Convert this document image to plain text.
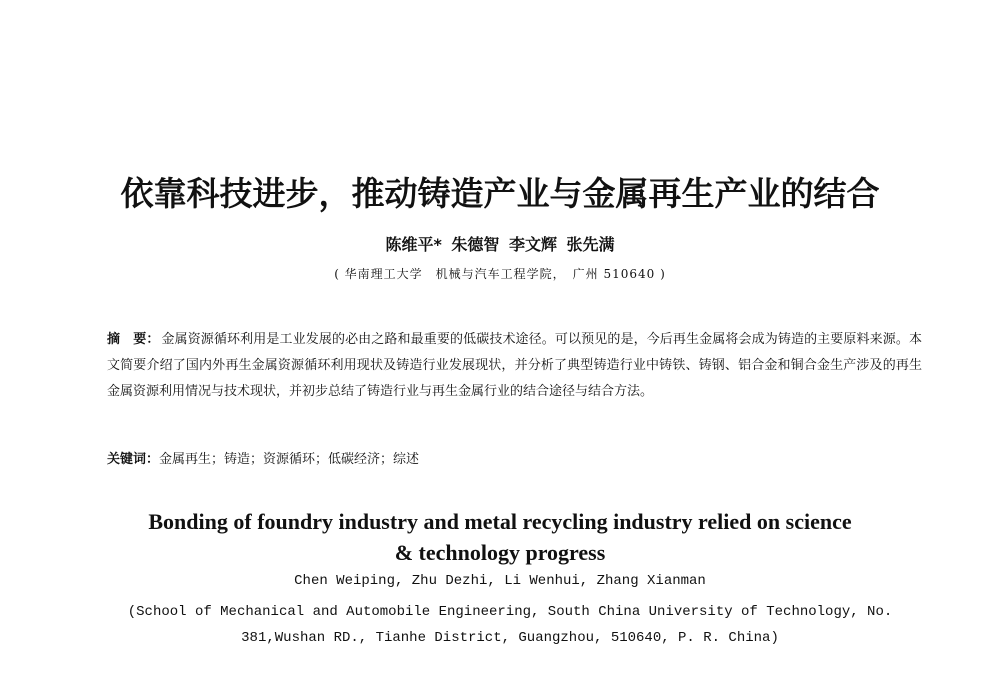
依靠科技进步，推动铸造产业与金属再生产业的结合
陈维平* 朱德智 李文辉 张先满
( 华南理工大学　机械与汽车工程学院，　广州 510640 )
摘　要： 金属资源循环利用是工业发展的必由之路和最重要的低碳技术途径。可以预见的是，今后再生金属将会成为铸造的主要原料来源。本文简要介绍了国内外再生金属资源循环利用现状及铸造行业发展现状，并分析了典型铸造行业中铸铁、铸钢、铝合金和铜合金生产涉及的再生金属资源利用情况与技术现状，并初步总结了铸造行业与再生金属行业的结合途径与结合方法。
关键词：金属再生；铸造；资源循环；低碳经济；综述
Bonding of foundry industry and metal recycling industry relied on science
& technology progress
Chen Weiping, Zhu Dezhi, Li Wenhui, Zhang Xianman
(School of Mechanical and Automobile Engineering, South China University of Technology, No.
381,Wushan RD., Tianhe District, Guangzhou, 510640, P. R. China)
